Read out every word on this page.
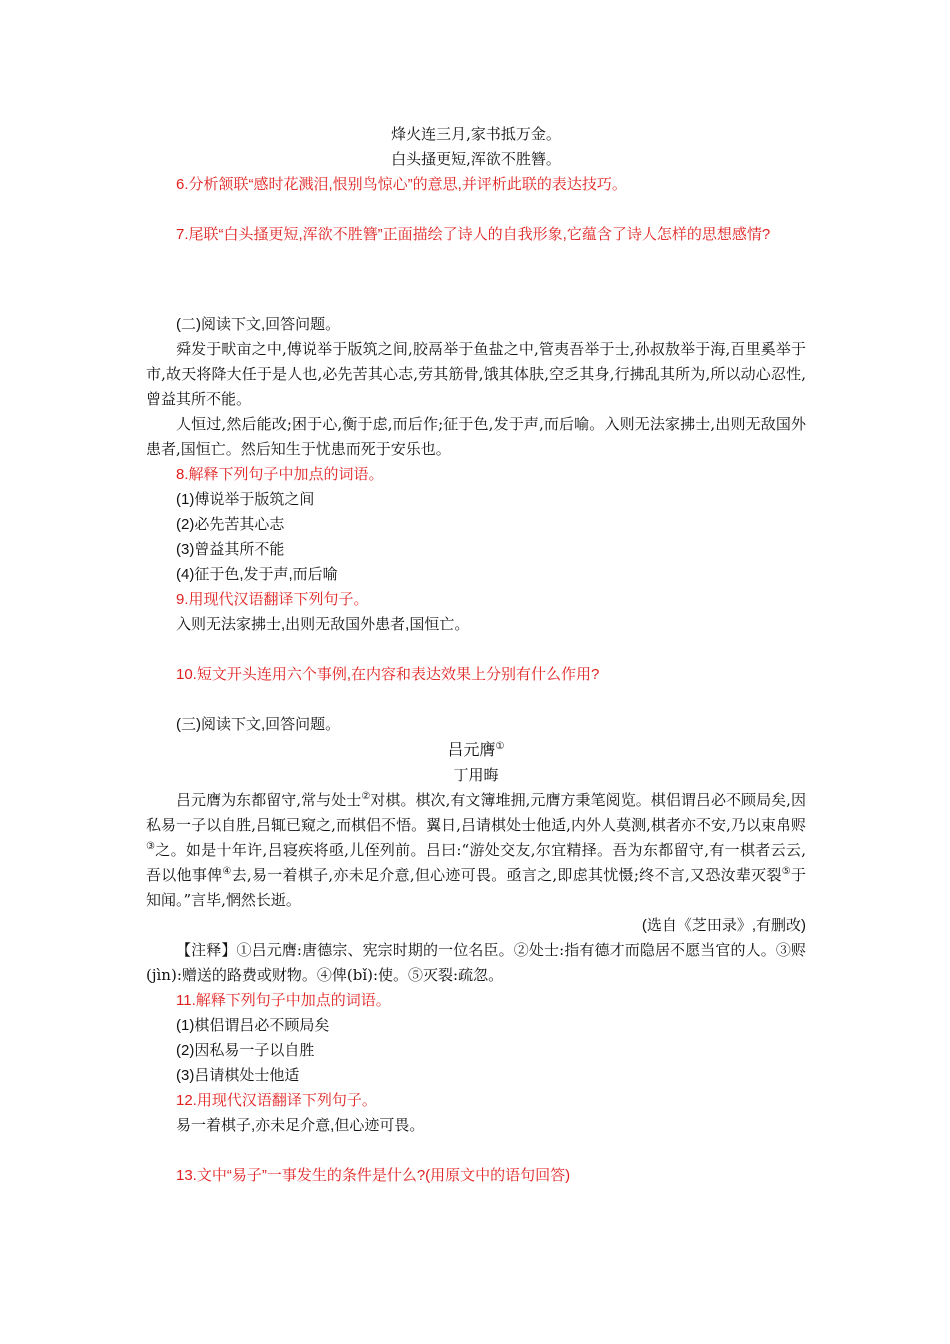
烽火连三月,家书抵万金。
白头搔更短,浑欲不胜簪。
6.分析颔联“感时花溅泪,恨别鸟惊心”的意思,并评析此联的表达技巧。
7.尾联“白头搔更短,浑欲不胜簪”正面描绘了诗人的自我形象,它蕴含了诗人怎样的思想感情?
(二)阅读下文,回答问题。
舜发于畎亩之中,傅说举于版筑之间,胶鬲举于鱼盐之中,管夷吾举于士,孙叔敖举于海,百里奚举于市,故天将降大任于是人也,必先苦其心志,劳其筋骨,饿其体肤,空乏其身,行拂乱其所为,所以动心忍性,曾益其所不能。
人恒过,然后能改;困于心,衡于虑,而后作;征于色,发于声,而后喻。入则无法家拂士,出则无敌国外患者,国恒亡。然后知生于忧患而死于安乐也。
8.解释下列句子中加点的词语。
(1)傅说举于版筑之间
(2)必先苦其心志
(3)曾益其所不能
(4)征于色,发于声,而后喻
9.用现代汉语翻译下列句子。
入则无法家拂士,出则无敌国外患者,国恒亡。
10.短文开头连用六个事例,在内容和表达效果上分别有什么作用?
(三)阅读下文,回答问题。
吕元膺①
丁用晦
吕元膺为东都留守,常与处士②对棋。棋次,有文簿堆拥,元膺方秉笔阅览。棋侣谓吕必不顾局矣,因私易一子以自胜,吕辄已窥之,而棋侣不悟。翼日,吕请棋处士他适,内外人莫测,棋者亦不安,乃以束帛赆③之。如是十年许,吕寝疾将亟,儿侄列前。吕曰:“游处交友,尔宜精择。吾为东都留守,有一棋者云云,吾以他事俾④去,易一着棋子,亦未足介意,但心迹可畏。亟言之,即虑其忧慑;终不言,又恐汝辈灭裂⑤于知闻。”言毕,惘然长逝。
(选自《芝田录》,有删改)
【注释】①吕元膺:唐德宗、宪宗时期的一位名臣。②处士:指有德才而隐居不愿当官的人。③赆(jìn):赠送的路费或财物。④俾(bǐ):使。⑤灭裂:疏忽。
11.解释下列句子中加点的词语。
(1)棋侣谓吕必不顾局矣
(2)因私易一子以自胜
(3)吕请棋处士他适
12.用现代汉语翻译下列句子。
易一着棋子,亦未足介意,但心迹可畏。
13.文中“易子”一事发生的条件是什么?(用原文中的语句回答)
